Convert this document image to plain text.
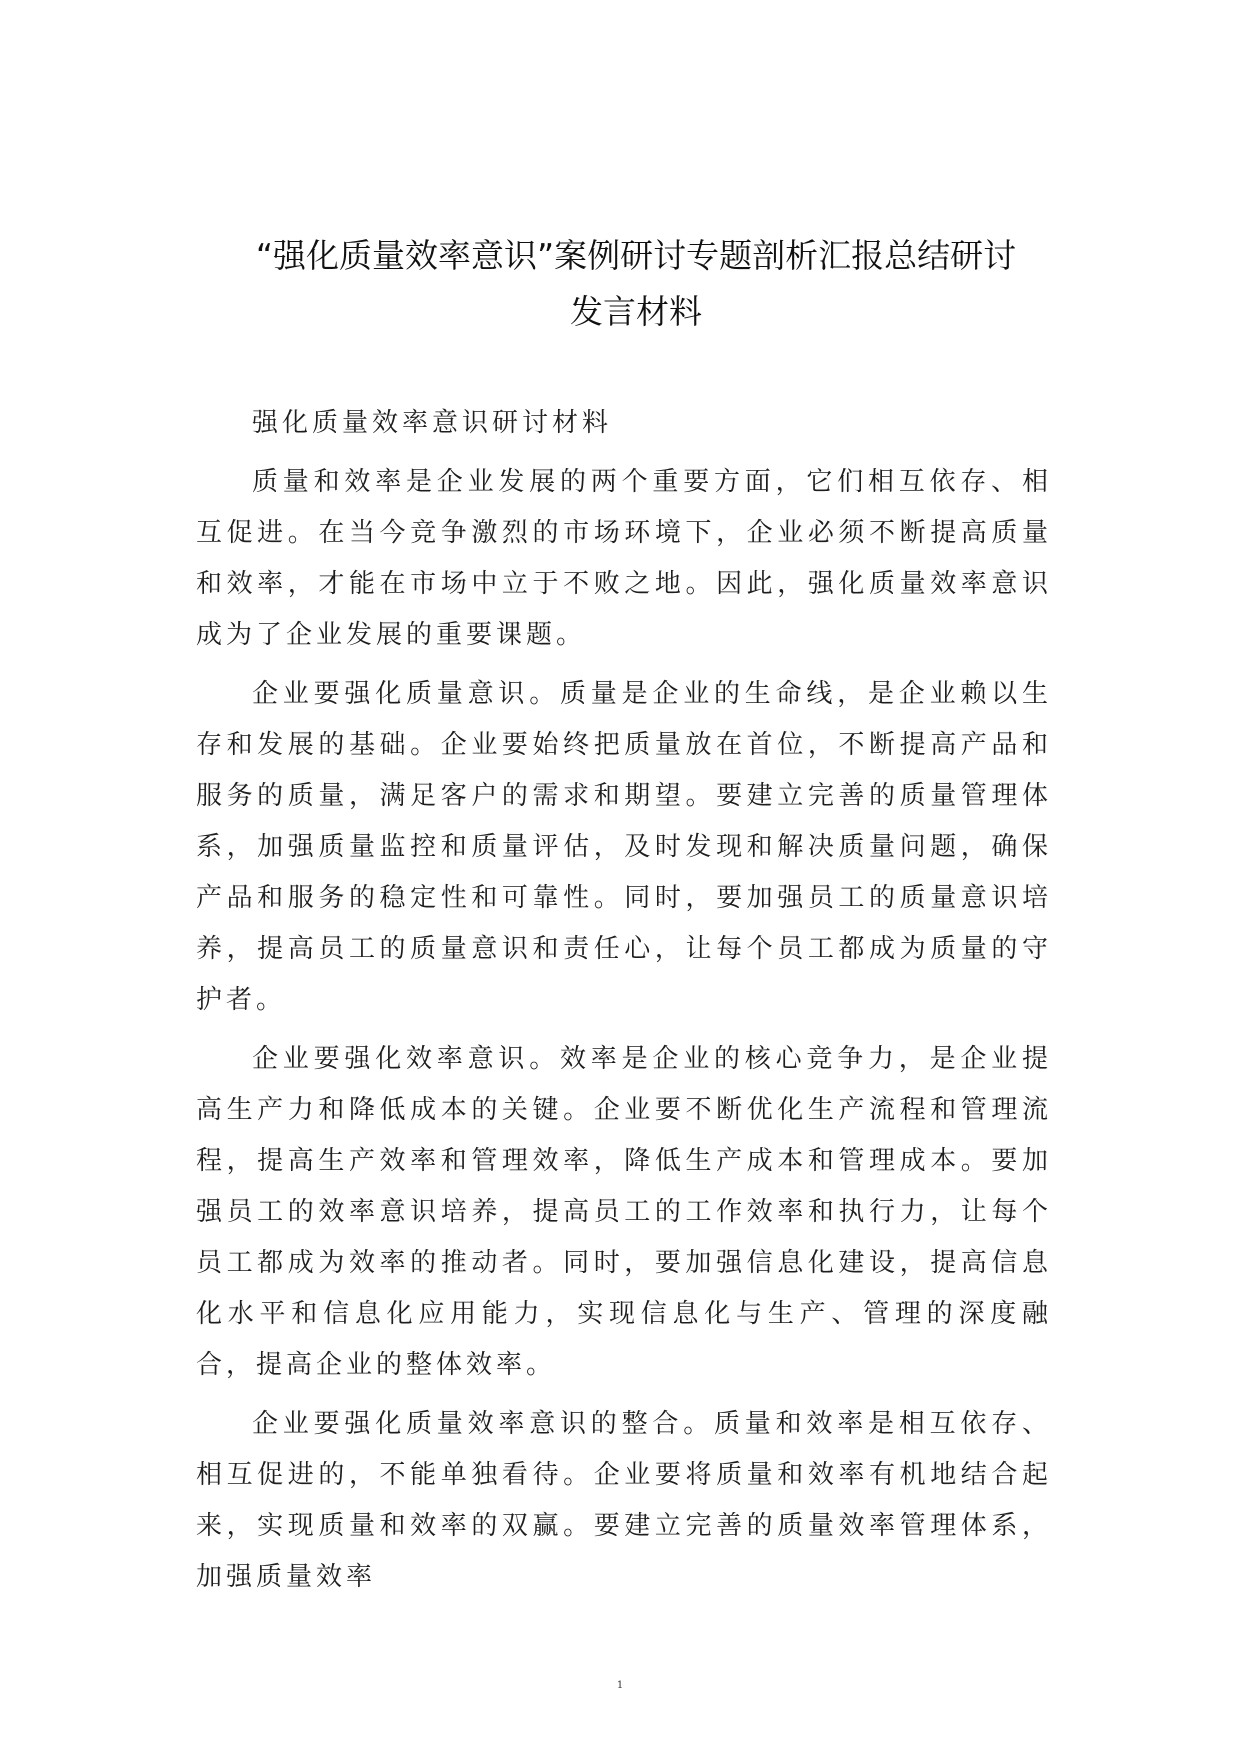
“强化质量效率意识”案例研讨专题剖析汇报总结研讨
发言材料

强化质量效率意识研讨材料

质量和效率是企业发展的两个重要方面，它们相互依存、相互促进。在当今竞争激烈的市场环境下，企业必须不断提高质量和效率，才能在市场中立于不败之地。因此，强化质量效率意识成为了企业发展的重要课题。

企业要强化质量意识。质量是企业的生命线，是企业赖以生存和发展的基础。企业要始终把质量放在首位，不断提高产品和服务的质量，满足客户的需求和期望。要建立完善的质量管理体系，加强质量监控和质量评估，及时发现和解决质量问题，确保产品和服务的稳定性和可靠性。同时，要加强员工的质量意识培养，提高员工的质量意识和责任心，让每个员工都成为质量的守护者。

企业要强化效率意识。效率是企业的核心竞争力，是企业提高生产力和降低成本的关键。企业要不断优化生产流程和管理流程，提高生产效率和管理效率，降低生产成本和管理成本。要加强员工的效率意识培养，提高员工的工作效率和执行力，让每个员工都成为效率的推动者。同时，要加强信息化建设，提高信息化水平和信息化应用能力，实现信息化与生产、管理的深度融合，提高企业的整体效率。

企业要强化质量效率意识的整合。质量和效率是相互依存、相互促进的，不能单独看待。企业要将质量和效率有机地结合起来，实现质量和效率的双赢。要建立完善的质量效率管理体系，加强质量效率

1
